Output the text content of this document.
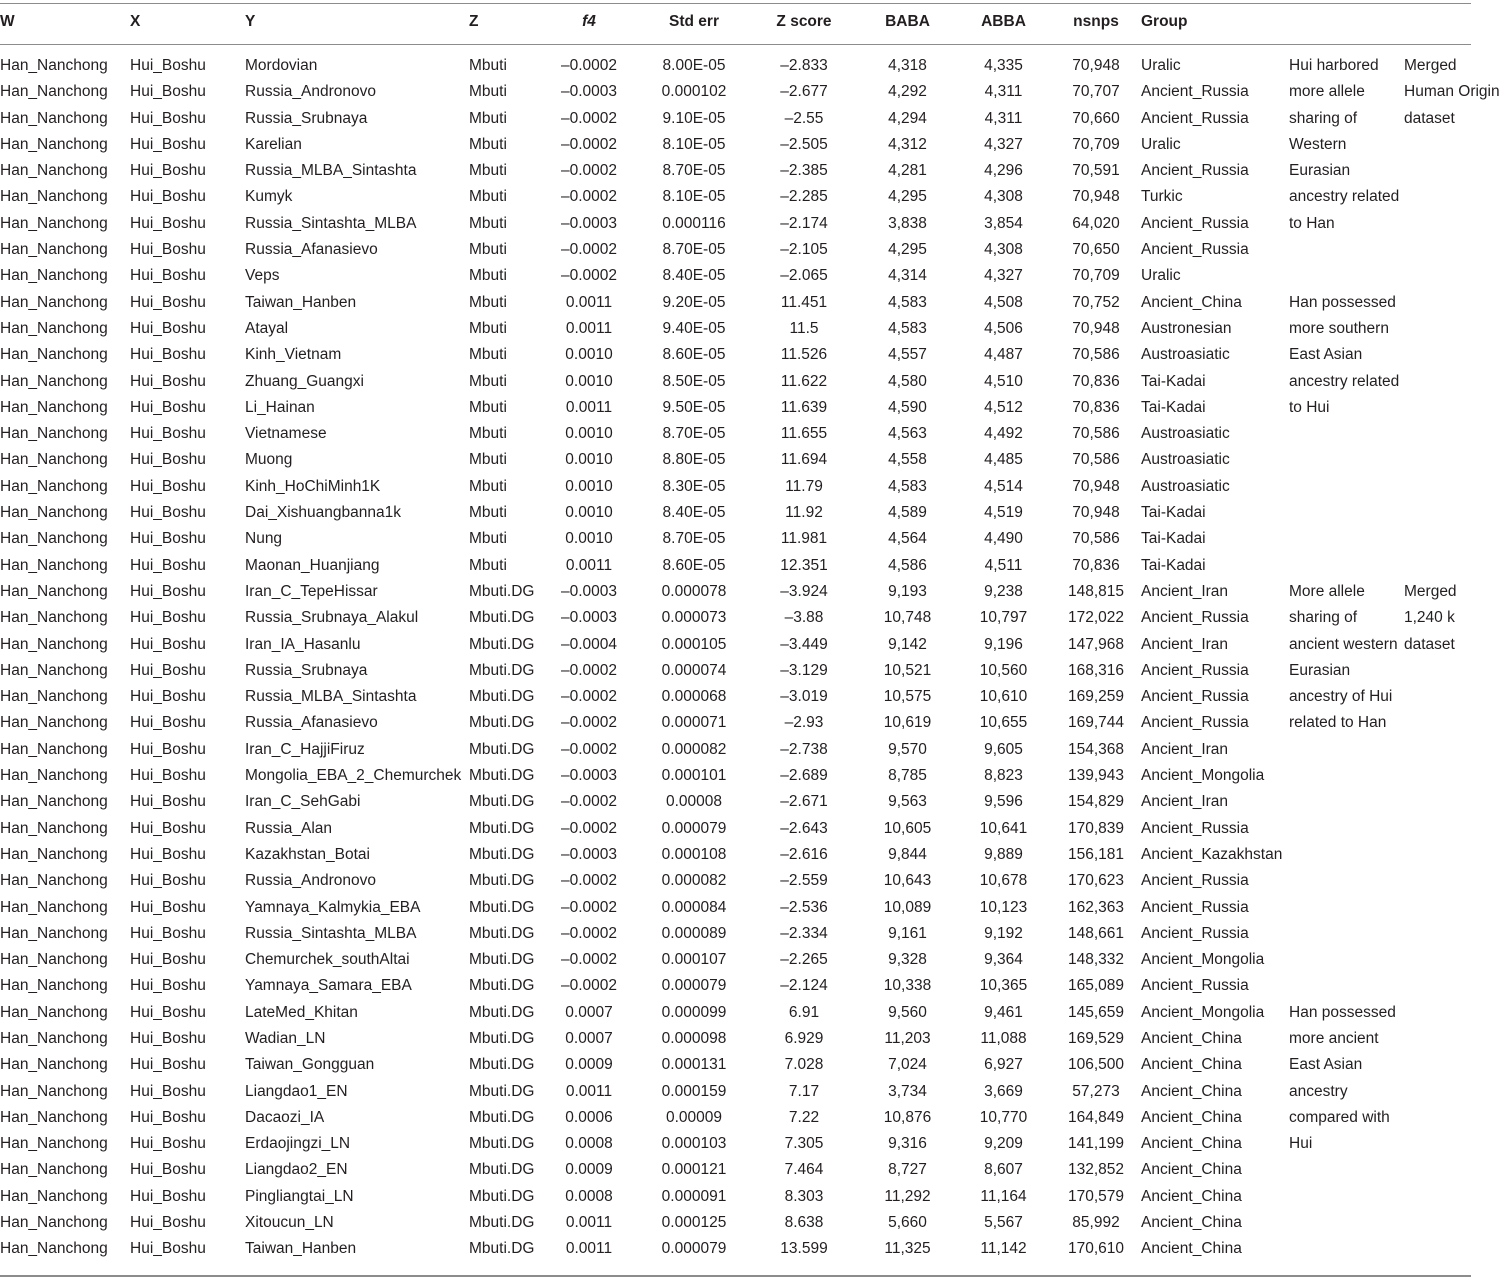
W	X	Y	Z	f4	Std err	Z score	BABA	ABBA	nsnps	Group		

Han_Nanchong	Hui_Boshu	Mordovian	Mbuti	–0.0002	8.00E-05	–2.833	4,318	4,335	70,948	Uralic	Hui harbored	Merged
Han_Nanchong	Hui_Boshu	Russia_Andronovo	Mbuti	–0.0003	0.000102	–2.677	4,292	4,311	70,707	Ancient_Russia	more allele	Human Origin
Han_Nanchong	Hui_Boshu	Russia_Srubnaya	Mbuti	–0.0002	9.10E-05	–2.55	4,294	4,311	70,660	Ancient_Russia	sharing of	dataset
Han_Nanchong	Hui_Boshu	Karelian	Mbuti	–0.0002	8.10E-05	–2.505	4,312	4,327	70,709	Uralic	Western	
Han_Nanchong	Hui_Boshu	Russia_MLBA_Sintashta	Mbuti	–0.0002	8.70E-05	–2.385	4,281	4,296	70,591	Ancient_Russia	Eurasian	
Han_Nanchong	Hui_Boshu	Kumyk	Mbuti	–0.0002	8.10E-05	–2.285	4,295	4,308	70,948	Turkic	ancestry related	
Han_Nanchong	Hui_Boshu	Russia_Sintashta_MLBA	Mbuti	–0.0003	0.000116	–2.174	3,838	3,854	64,020	Ancient_Russia	to Han	
Han_Nanchong	Hui_Boshu	Russia_Afanasievo	Mbuti	–0.0002	8.70E-05	–2.105	4,295	4,308	70,650	Ancient_Russia		
Han_Nanchong	Hui_Boshu	Veps	Mbuti	–0.0002	8.40E-05	–2.065	4,314	4,327	70,709	Uralic		
Han_Nanchong	Hui_Boshu	Taiwan_Hanben	Mbuti	0.0011	9.20E-05	11.451	4,583	4,508	70,752	Ancient_China	Han possessed	
Han_Nanchong	Hui_Boshu	Atayal	Mbuti	0.0011	9.40E-05	11.5	4,583	4,506	70,948	Austronesian	more southern	
Han_Nanchong	Hui_Boshu	Kinh_Vietnam	Mbuti	0.0010	8.60E-05	11.526	4,557	4,487	70,586	Austroasiatic	East Asian	
Han_Nanchong	Hui_Boshu	Zhuang_Guangxi	Mbuti	0.0010	8.50E-05	11.622	4,580	4,510	70,836	Tai-Kadai	ancestry related	
Han_Nanchong	Hui_Boshu	Li_Hainan	Mbuti	0.0011	9.50E-05	11.639	4,590	4,512	70,836	Tai-Kadai	to Hui	
Han_Nanchong	Hui_Boshu	Vietnamese	Mbuti	0.0010	8.70E-05	11.655	4,563	4,492	70,586	Austroasiatic		
Han_Nanchong	Hui_Boshu	Muong	Mbuti	0.0010	8.80E-05	11.694	4,558	4,485	70,586	Austroasiatic		
Han_Nanchong	Hui_Boshu	Kinh_HoChiMinh1K	Mbuti	0.0010	8.30E-05	11.79	4,583	4,514	70,948	Austroasiatic		
Han_Nanchong	Hui_Boshu	Dai_Xishuangbanna1k	Mbuti	0.0010	8.40E-05	11.92	4,589	4,519	70,948	Tai-Kadai		
Han_Nanchong	Hui_Boshu	Nung	Mbuti	0.0010	8.70E-05	11.981	4,564	4,490	70,586	Tai-Kadai		
Han_Nanchong	Hui_Boshu	Maonan_Huanjiang	Mbuti	0.0011	8.60E-05	12.351	4,586	4,511	70,836	Tai-Kadai		
Han_Nanchong	Hui_Boshu	Iran_C_TepeHissar	Mbuti.DG	–0.0003	0.000078	–3.924	9,193	9,238	148,815	Ancient_Iran	More allele	Merged
Han_Nanchong	Hui_Boshu	Russia_Srubnaya_Alakul	Mbuti.DG	–0.0003	0.000073	–3.88	10,748	10,797	172,022	Ancient_Russia	sharing of	1,240 k
Han_Nanchong	Hui_Boshu	Iran_IA_Hasanlu	Mbuti.DG	–0.0004	0.000105	–3.449	9,142	9,196	147,968	Ancient_Iran	ancient western	dataset
Han_Nanchong	Hui_Boshu	Russia_Srubnaya	Mbuti.DG	–0.0002	0.000074	–3.129	10,521	10,560	168,316	Ancient_Russia	Eurasian	
Han_Nanchong	Hui_Boshu	Russia_MLBA_Sintashta	Mbuti.DG	–0.0002	0.000068	–3.019	10,575	10,610	169,259	Ancient_Russia	ancestry of Hui	
Han_Nanchong	Hui_Boshu	Russia_Afanasievo	Mbuti.DG	–0.0002	0.000071	–2.93	10,619	10,655	169,744	Ancient_Russia	related to Han	
Han_Nanchong	Hui_Boshu	Iran_C_HajjiFiruz	Mbuti.DG	–0.0002	0.000082	–2.738	9,570	9,605	154,368	Ancient_Iran		
Han_Nanchong	Hui_Boshu	Mongolia_EBA_2_Chemurchek	Mbuti.DG	–0.0003	0.000101	–2.689	8,785	8,823	139,943	Ancient_Mongolia		
Han_Nanchong	Hui_Boshu	Iran_C_SehGabi	Mbuti.DG	–0.0002	0.00008	–2.671	9,563	9,596	154,829	Ancient_Iran		
Han_Nanchong	Hui_Boshu	Russia_Alan	Mbuti.DG	–0.0002	0.000079	–2.643	10,605	10,641	170,839	Ancient_Russia		
Han_Nanchong	Hui_Boshu	Kazakhstan_Botai	Mbuti.DG	–0.0003	0.000108	–2.616	9,844	9,889	156,181	Ancient_Kazakhstan		
Han_Nanchong	Hui_Boshu	Russia_Andronovo	Mbuti.DG	–0.0002	0.000082	–2.559	10,643	10,678	170,623	Ancient_Russia		
Han_Nanchong	Hui_Boshu	Yamnaya_Kalmykia_EBA	Mbuti.DG	–0.0002	0.000084	–2.536	10,089	10,123	162,363	Ancient_Russia		
Han_Nanchong	Hui_Boshu	Russia_Sintashta_MLBA	Mbuti.DG	–0.0002	0.000089	–2.334	9,161	9,192	148,661	Ancient_Russia		
Han_Nanchong	Hui_Boshu	Chemurchek_southAltai	Mbuti.DG	–0.0002	0.000107	–2.265	9,328	9,364	148,332	Ancient_Mongolia		
Han_Nanchong	Hui_Boshu	Yamnaya_Samara_EBA	Mbuti.DG	–0.0002	0.000079	–2.124	10,338	10,365	165,089	Ancient_Russia		
Han_Nanchong	Hui_Boshu	LateMed_Khitan	Mbuti.DG	0.0007	0.000099	6.91	9,560	9,461	145,659	Ancient_Mongolia	Han possessed	
Han_Nanchong	Hui_Boshu	Wadian_LN	Mbuti.DG	0.0007	0.000098	6.929	11,203	11,088	169,529	Ancient_China	more ancient	
Han_Nanchong	Hui_Boshu	Taiwan_Gongguan	Mbuti.DG	0.0009	0.000131	7.028	7,024	6,927	106,500	Ancient_China	East Asian	
Han_Nanchong	Hui_Boshu	Liangdao1_EN	Mbuti.DG	0.0011	0.000159	7.17	3,734	3,669	57,273	Ancient_China	ancestry	
Han_Nanchong	Hui_Boshu	Dacaozi_IA	Mbuti.DG	0.0006	0.00009	7.22	10,876	10,770	164,849	Ancient_China	compared with	
Han_Nanchong	Hui_Boshu	Erdaojingzi_LN	Mbuti.DG	0.0008	0.000103	7.305	9,316	9,209	141,199	Ancient_China	Hui	
Han_Nanchong	Hui_Boshu	Liangdao2_EN	Mbuti.DG	0.0009	0.000121	7.464	8,727	8,607	132,852	Ancient_China		
Han_Nanchong	Hui_Boshu	Pingliangtai_LN	Mbuti.DG	0.0008	0.000091	8.303	11,292	11,164	170,579	Ancient_China		
Han_Nanchong	Hui_Boshu	Xitoucun_LN	Mbuti.DG	0.0011	0.000125	8.638	5,660	5,567	85,992	Ancient_China		
Han_Nanchong	Hui_Boshu	Taiwan_Hanben	Mbuti.DG	0.0011	0.000079	13.599	11,325	11,142	170,610	Ancient_China		
